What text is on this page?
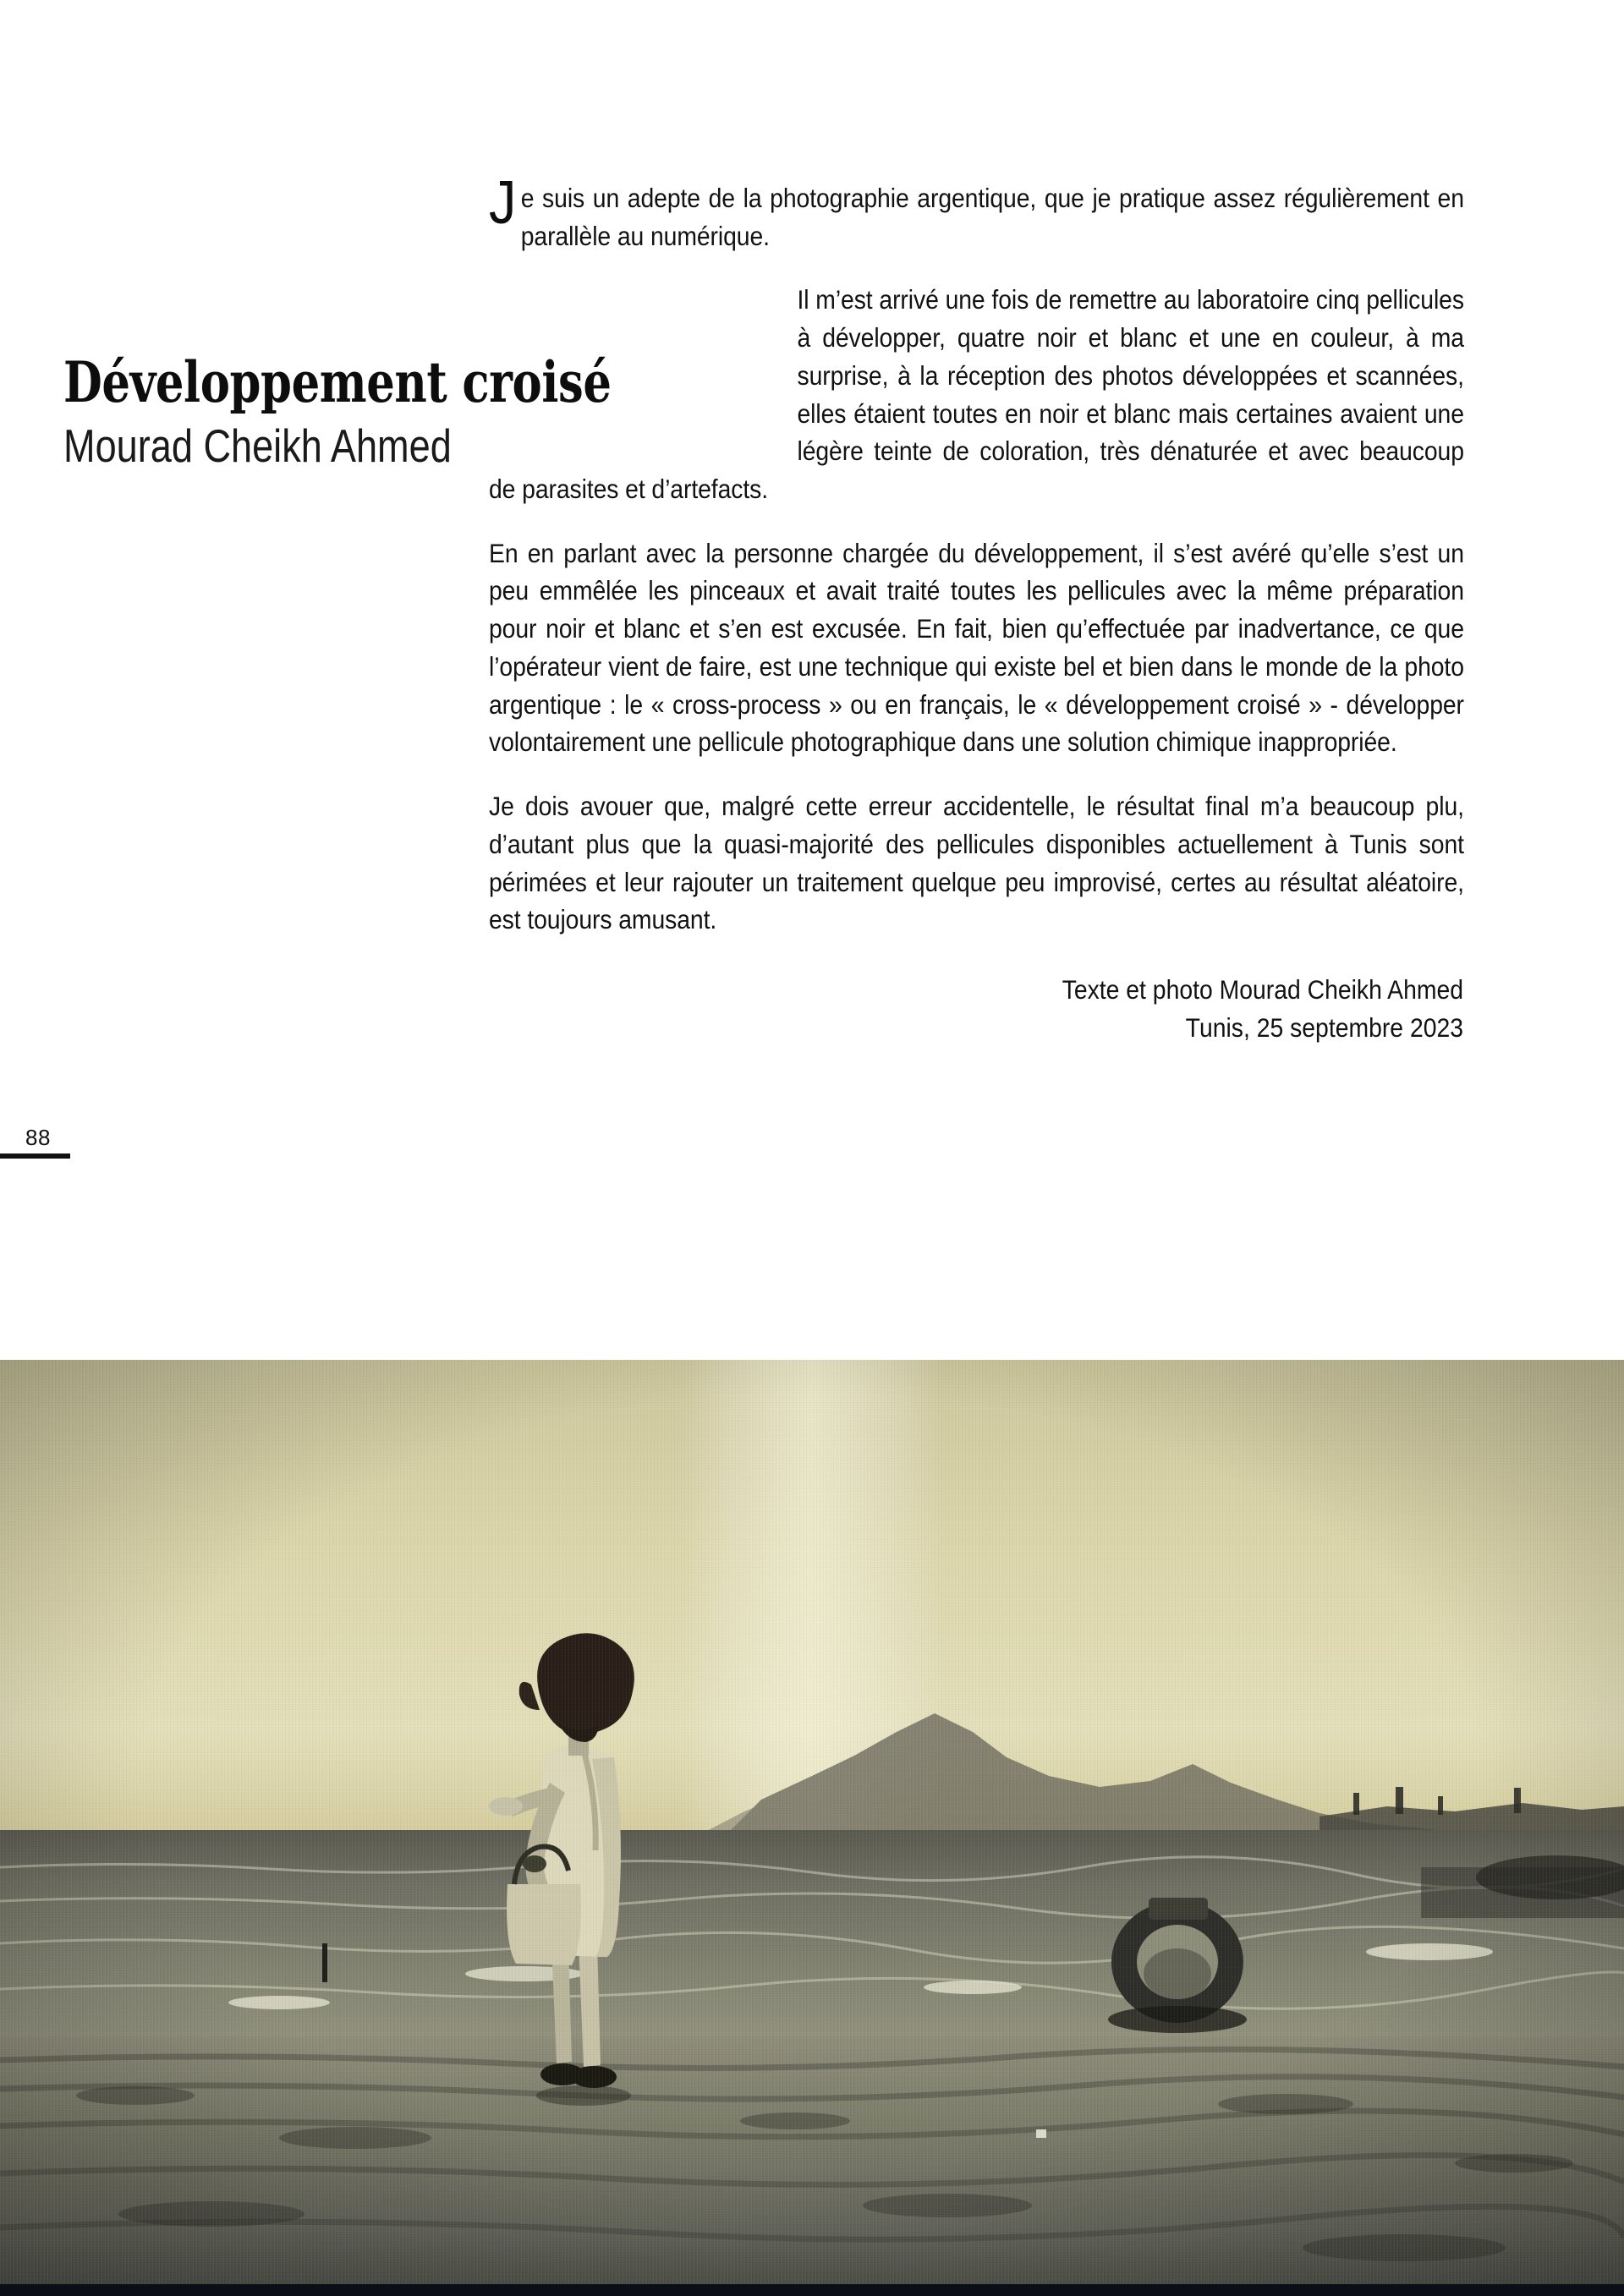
88
Développement croisé
Mourad Cheikh Ahmed

J e suis un adepte de la photographie argentique, que je pratique assez régulièrement en parallèle au numérique.

Il m’est arrivé une fois de remettre au laboratoire cinq pellicules à développer, quatre noir et blanc et une en couleur, à ma surprise, à la réception des photos développées et scannées, elles étaient toutes en noir et blanc mais certaines avaient une légère teinte de coloration, très dénaturée et avec beaucoup de parasites et d’artefacts.

En en parlant avec la personne chargée du développement, il s’est avéré qu’elle s’est un peu emmêlée les pinceaux et avait traité toutes les pellicules avec la même préparation pour noir et blanc et s’en est excusée. En fait, bien qu’effectuée par inadvertance, ce que l’opérateur vient de faire, est une technique qui existe bel et bien dans le monde de la photo argentique : le « cross-process » ou en français, le « développement croisé » - développer volontairement une pellicule photographique dans une solution chimique inappropriée.

Je dois avouer que, malgré cette erreur accidentelle, le résultat final m’a beaucoup plu, d’autant plus que la quasi-majorité des pellicules disponibles actuellement à Tunis sont périmées et leur rajouter un traitement quelque peu improvisé, certes au résultat aléatoire, est toujours amusant.

Texte et photo Mourad Cheikh Ahmed
Tunis, 25 septembre 2023
